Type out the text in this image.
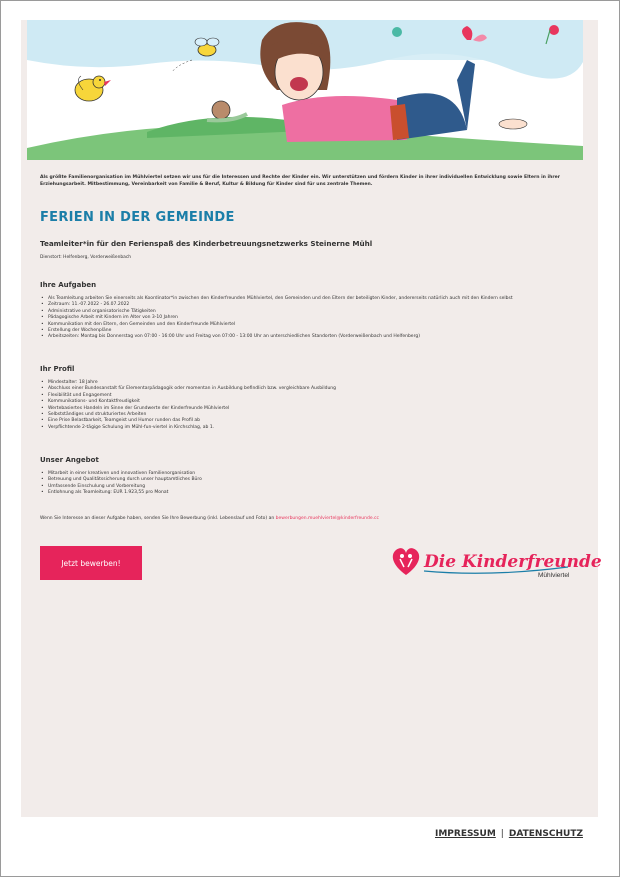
Als größte Familienorganisation im Mühlviertel setzen wir uns für die Interessen und Rechte der Kinder ein. Wir unterstützen und fördern Kinder in ihrer individuellen Entwicklung sowie Eltern in ihrer Erziehungsarbeit. Mitbestimmung, Vereinbarkeit von Familie & Beruf, Kultur & Bildung für Kinder sind für uns zentrale Themen.
FERIEN IN DER GEMEINDE
Teamleiter*in für den Ferienspaß des Kinderbetreuungsnetzwerks Steinerne Mühl
Dienstort: Helfenberg, Vorderweißenbach
Ihre Aufgaben
• Als Teamleitung arbeiten Sie einerseits als Koordinator*in zwischen den Kinderfreunden Mühlviertel, den Gemeinden und den Eltern der beteiligten Kinder, andererseits natürlich auch mit den Kindern selbst
• Zeitraum: 11.-07.2022 - 26.07.2022
• Administrative und organisatorische Tätigkeiten
• Pädagogische Arbeit mit Kindern im Alter von 3-10 Jahren
• Kommunikation mit den Eltern, den Gemeinden und den Kinderfreunde Mühlviertel
• Erstellung der Wochenpläne
• Arbeitszeiten: Montag bis Donnerstag von 07:00 - 16:00 Uhr und Freitag von 07:00 - 13:00 Uhr an unterschiedlichen Standorten (Vorderweißenbach und Helfenberg)
Ihr Profil
• Mindestalter: 18 Jahre
• Abschluss einer Bundesanstalt für Elementarpädagogik oder momentan in Ausbildung befindlich bzw. vergleichbare Ausbildung
• Flexibilität und Engagement
• Kommunikations- und Kontaktfreudigkeit
• Wertebasiertes Handeln im Sinne der Grundwerte der Kinderfreunde Mühlviertel
• Selbstständiges und strukturiertes Arbeiten
• Eine Prise Belastbarkeit, Teamgeist und Humor runden das Profil ab
• Verpflichtende 2-tägige Schulung im Mühl-fun-viertel in Kirchschlag, ab 1.
Unser Angebot
• Mitarbeit in einer kreativen und innovativen Familienorganisation
• Betreuung und Qualitätssicherung durch unser hauptamtliches Büro
• Umfassende Einschulung und Vorbereitung
• Entlohnung als Teamleitung: EUR 1.923,55 pro Monat
Wenn Sie Interesse an dieser Aufgabe haben, senden Sie Ihre Bewerbung (inkl. Lebenslauf und Foto) an bewerbungen.muehlviertel@kinderfreunde.cc
Jetzt bewerben!	Die Kinderfreunde
Mühlviertel
IMPRESSUM | DATENSCHUTZ
